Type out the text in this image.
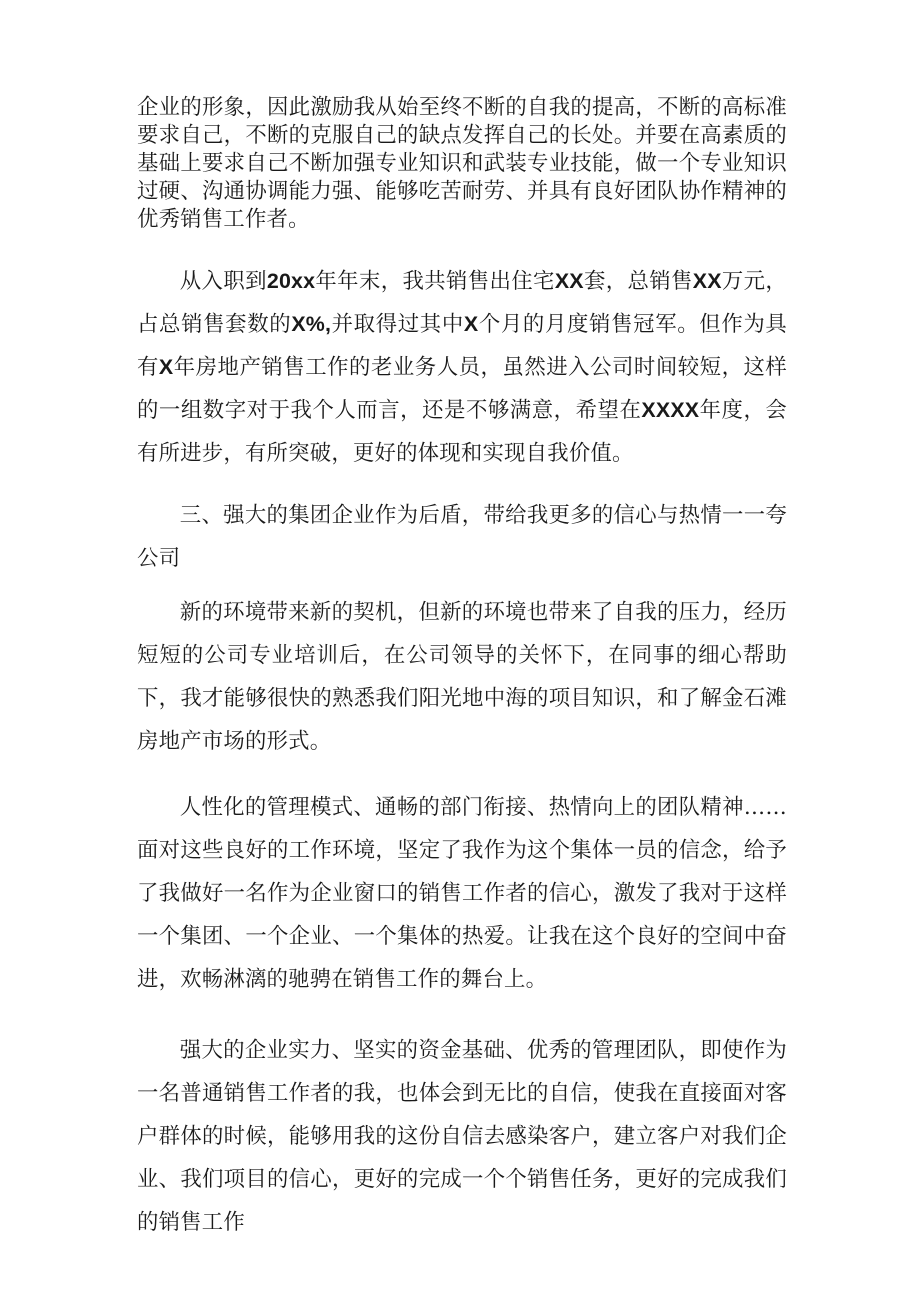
企业的形象，因此激励我从始至终不断的自我的提高，不断的高标准要求自己，不断的克服自己的缺点发挥自己的长处。并要在高素质的基础上要求自己不断加强专业知识和武装专业技能，做一个专业知识过硬、沟通协调能力强、能够吃苦耐劳、并具有良好团队协作精神的优秀销售工作者。

从入职到20xx年年末，我共销售出住宅XX套，总销售XX万元，占总销售套数的X%,并取得过其中X个月的月度销售冠军。但作为具有X年房地产销售工作的老业务人员，虽然进入公司时间较短，这样的一组数字对于我个人而言，还是不够满意，希望在XXXX年度，会有所进步，有所突破，更好的体现和实现自我价值。

三、强大的集团企业作为后盾，带给我更多的信心与热情一一夸公司

新的环境带来新的契机，但新的环境也带来了自我的压力，经历短短的公司专业培训后，在公司领导的关怀下，在同事的细心帮助下，我才能够很快的熟悉我们阳光地中海的项目知识，和了解金石滩房地产市场的形式。

人性化的管理模式、通畅的部门衔接、热情向上的团队精神……面对这些良好的工作环境，坚定了我作为这个集体一员的信念，给予了我做好一名作为企业窗口的销售工作者的信心，激发了我对于这样一个集团、一个企业、一个集体的热爱。让我在这个良好的空间中奋进，欢畅淋漓的驰骋在销售工作的舞台上。

强大的企业实力、坚实的资金基础、优秀的管理团队，即使作为一名普通销售工作者的我，也体会到无比的自信，使我在直接面对客户群体的时候，能够用我的这份自信去感染客户，建立客户对我们企业、我们项目的信心，更好的完成一个个销售任务，更好的完成我们的销售工作
